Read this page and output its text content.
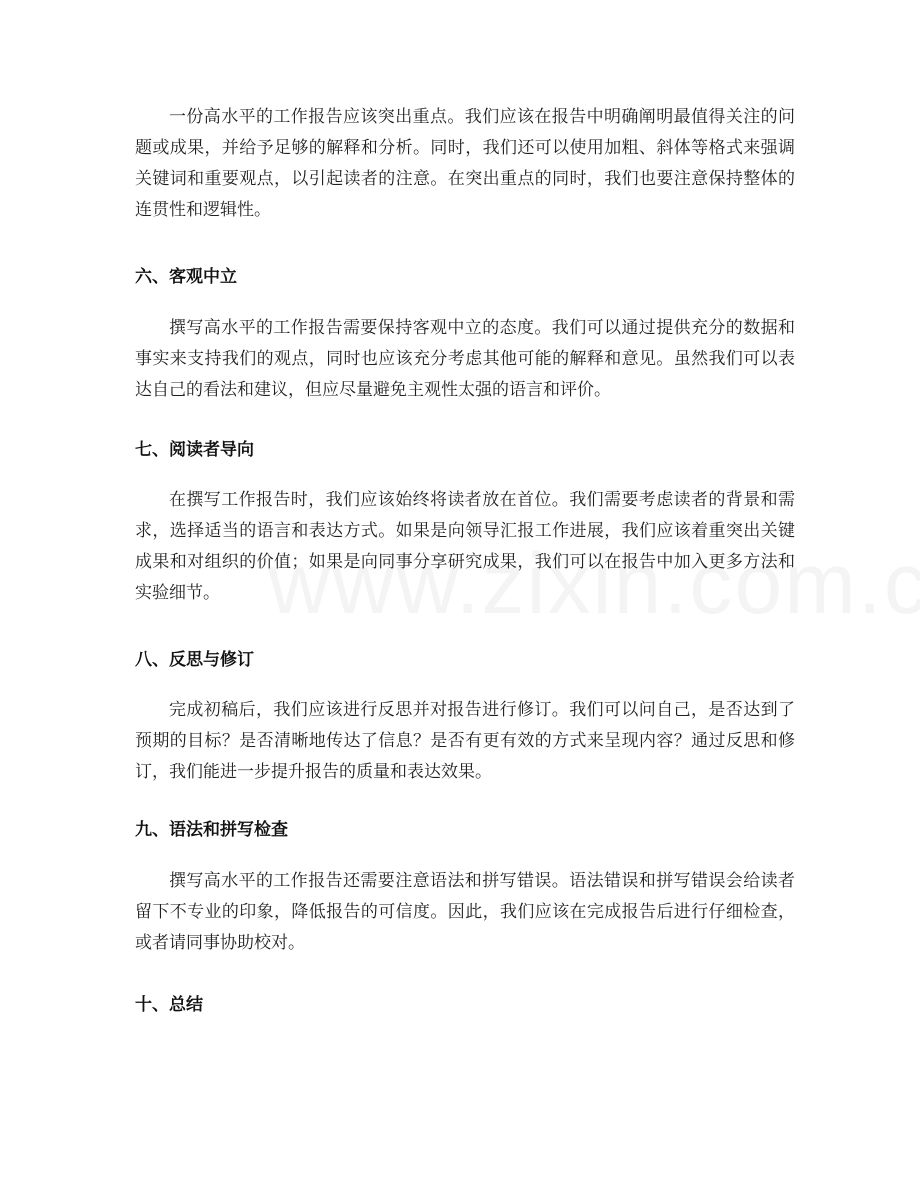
一份高水平的工作报告应该突出重点。我们应该在报告中明确阐明最值得关注的问题或成果，并给予足够的解释和分析。同时，我们还可以使用加粗、斜体等格式来强调关键词和重要观点，以引起读者的注意。在突出重点的同时，我们也要注意保持整体的连贯性和逻辑性。

六、客观中立

撰写高水平的工作报告需要保持客观中立的态度。我们可以通过提供充分的数据和事实来支持我们的观点，同时也应该充分考虑其他可能的解释和意见。虽然我们可以表达自己的看法和建议，但应尽量避免主观性太强的语言和评价。

七、阅读者导向

在撰写工作报告时，我们应该始终将读者放在首位。我们需要考虑读者的背景和需求，选择适当的语言和表达方式。如果是向领导汇报工作进展，我们应该着重突出关键成果和对组织的价值；如果是向同事分享研究成果，我们可以在报告中加入更多方法和实验细节。

八、反思与修订

完成初稿后，我们应该进行反思并对报告进行修订。我们可以问自己，是否达到了预期的目标？是否清晰地传达了信息？是否有更有效的方式来呈现内容？通过反思和修订，我们能进一步提升报告的质量和表达效果。

九、语法和拼写检查

撰写高水平的工作报告还需要注意语法和拼写错误。语法错误和拼写错误会给读者留下不专业的印象，降低报告的可信度。因此，我们应该在完成报告后进行仔细检查，或者请同事协助校对。

十、总结
